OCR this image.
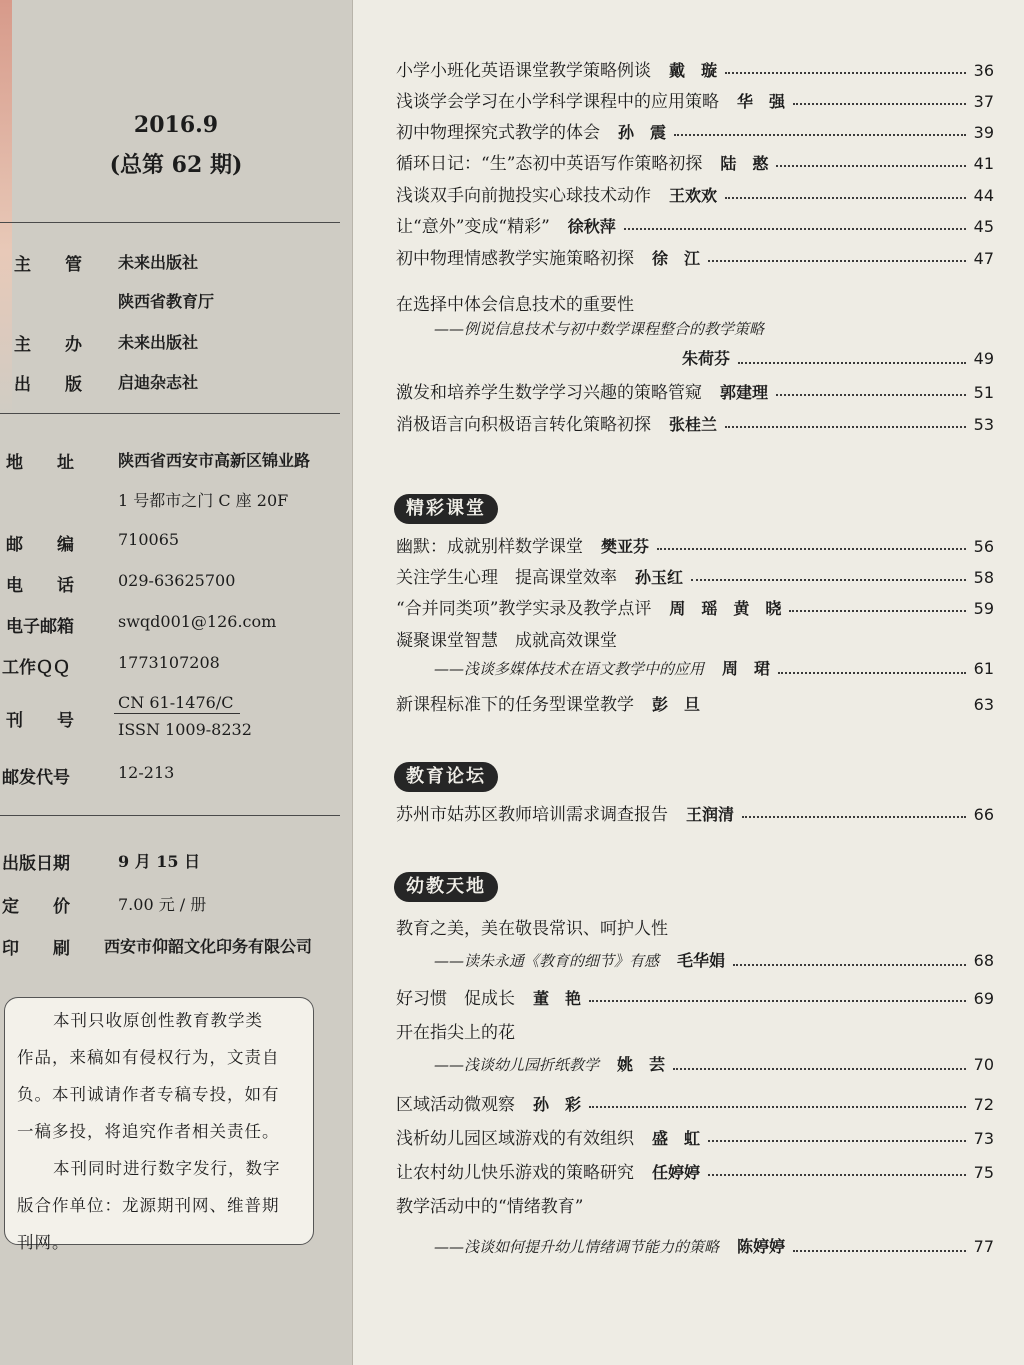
2016.9
(总第 62 期)
主　　管 未来出版社
陕西省教育厅
主　　办 未来出版社
出　　版 启迪杂志社
地　　址	陕西省西安市高新区锦业路
1 号都市之门 C 座 20F
邮　　编	710065
电　　话	029-63625700
电子邮箱	swqd001@126.com
工作ＱＱ	1773107208
刊　　号
CN 61-1476/C
ISSN 1009-8232
邮发代号	12-213
出版日期	9 月 15 日
定　　价	7.00 元 / 册
印　　刷 西安市仰韶文化印务有限公司

本刊只收原创性教育教学类

作品，来稿如有侵权行为，文责自

负。本刊诚请作者专稿专投，如有

一稿多投，将追究作者相关责任。

本刊同时进行数字发行，数字

版合作单位：龙源期刊网、维普期

刊网。

小学小班化英语课堂教学策略例谈 戴　璇	36
浅谈学会学习在小学科学课程中的应用策略 华　强	37
初中物理探究式教学的体会 孙　震	39
循环日记：“生”态初中英语写作策略初探 陆　憨	41
浅谈双手向前抛投实心球技术动作 王欢欢	44
让“意外”变成“精彩” 徐秋萍	45
初中物理情感教学实施策略初探 徐　江	47
在选择中体会信息技术的重要性
——例说信息技术与初中数学课程整合的教学策略
朱荷芬	49
激发和培养学生数学学习兴趣的策略管窥 郭建理	51
消极语言向积极语言转化策略初探 张桂兰	53
精彩课堂
幽默：成就别样数学课堂 樊亚芬	56
关注学生心理　提高课堂效率 孙玉红	58
“合并同类项”教学实录及教学点评 周　瑶　黄　晓	59
凝聚课堂智慧　成就高效课堂
——浅谈多媒体技术在语文教学中的应用 周　珺	61
新课程标准下的任务型课堂教学 彭　旦	63
教育论坛
苏州市姑苏区教师培训需求调查报告 王润清	66
幼教天地
教育之美，美在敬畏常识、呵护人性
——读朱永通《教育的细节》有感 毛华娟	68
好习惯　促成长 董　艳	69
开在指尖上的花
——浅谈幼儿园折纸教学 姚　芸	70
区域活动微观察 孙　彩	72
浅析幼儿园区域游戏的有效组织 盛　虹	73
让农村幼儿快乐游戏的策略研究 任婷婷	75
教学活动中的“情绪教育”
——浅谈如何提升幼儿情绪调节能力的策略 陈婷婷	77
